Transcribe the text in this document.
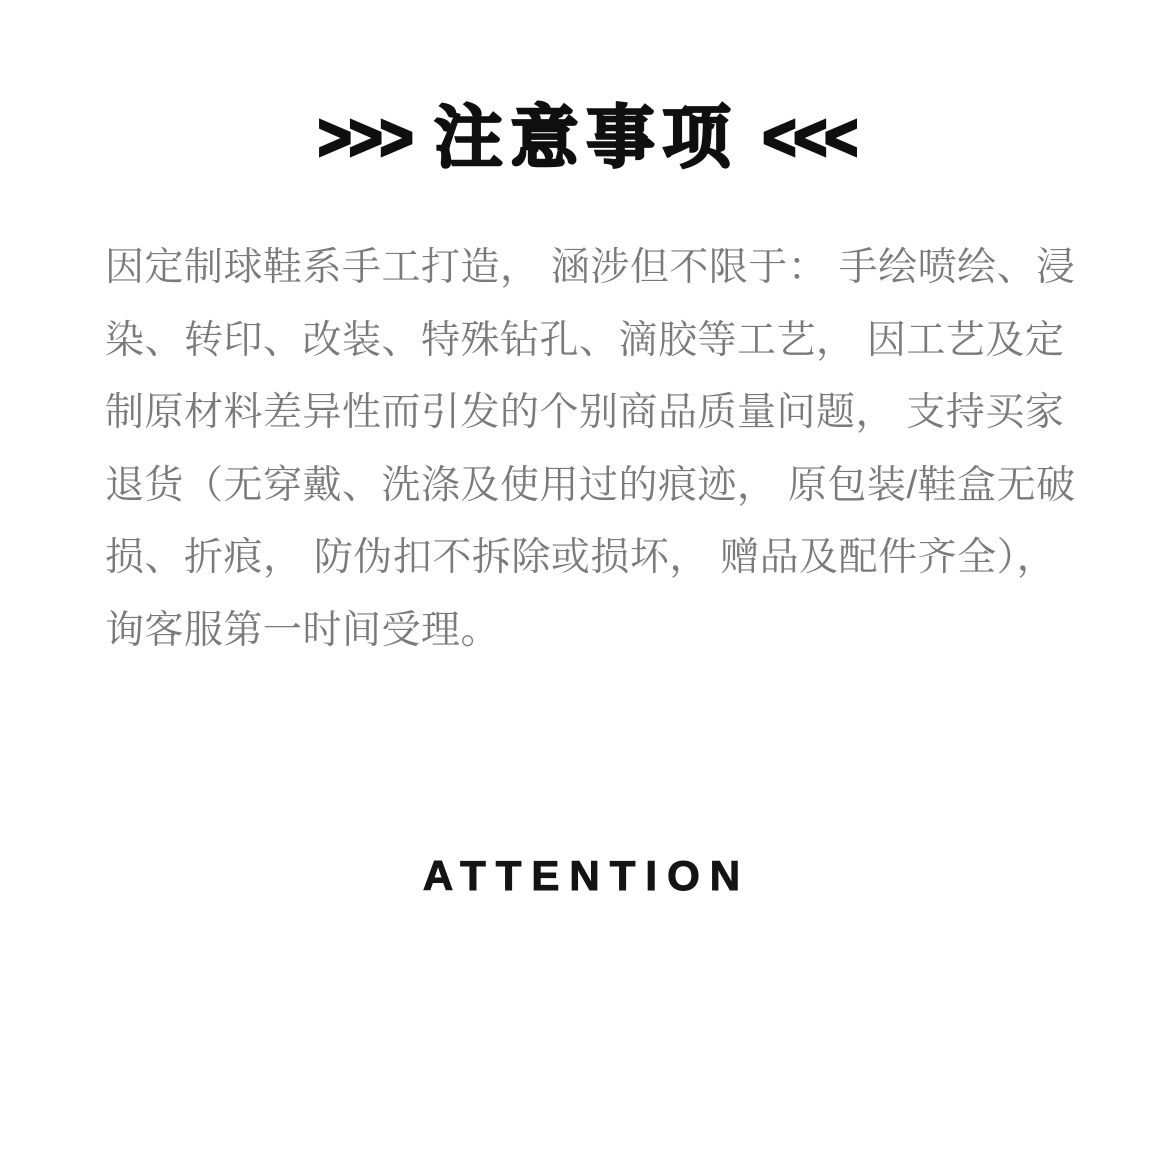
>>> 注意事项 <<<
因定制球鞋系手工打造， 涵涉但不限于： 手绘喷绘、浸
染、转印、改装、特殊钻孔、滴胶等工艺， 因工艺及定
制原材料差异性而引发的个别商品质量问题， 支持买家
退货（无穿戴、洗涤及使用过的痕迹， 原包装/鞋盒无破
损、折痕， 防伪扣不拆除或损坏， 赠品及配件齐全），
询客服第一时间受理。
ATTENTION
